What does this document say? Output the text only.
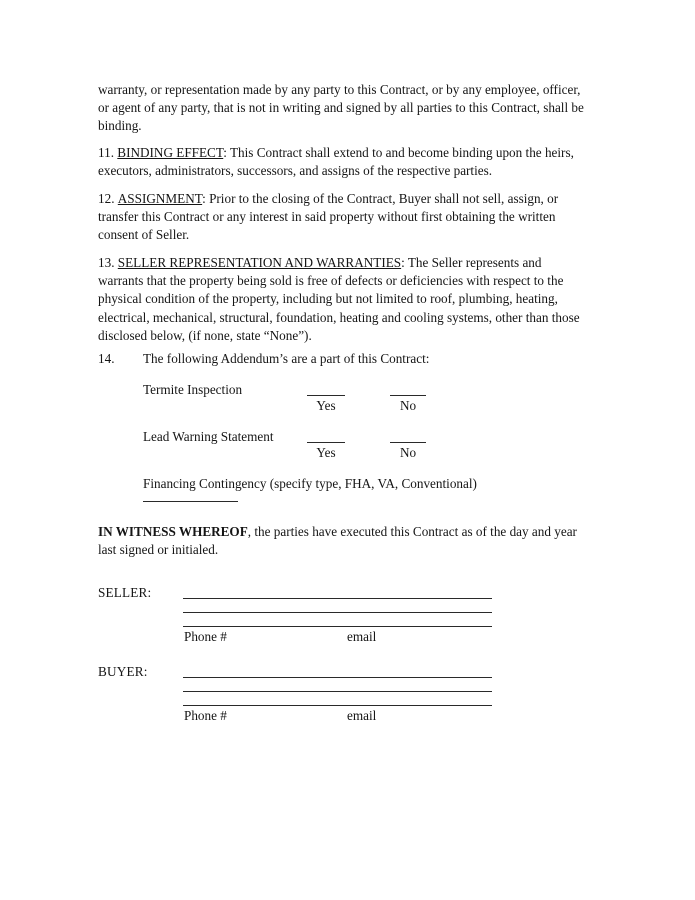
warranty, or representation made by any party to this Contract, or by any employee, officer, or agent of any party, that is not in writing and signed by all parties to this Contract, shall be binding.

11. BINDING EFFECT: This Contract shall extend to and become binding upon the heirs, executors, administrators, successors, and assigns of the respective parties.

12. ASSIGNMENT: Prior to the closing of the Contract, Buyer shall not sell, assign, or transfer this Contract or any interest in said property without first obtaining the written consent of Seller.

13. SELLER REPRESENTATION AND WARRANTIES: The Seller represents and warrants that the property being sold is free of defects or deficiencies with respect to the physical condition of the property, including but not limited to roof, plumbing, heating, electrical, mechanical, structural, foundation, heating and cooling systems, other than those disclosed below, (if none, state “None”).

14. The following Addendum’s are a part of this Contract:

Termite Inspection
Yes	No
Lead Warning Statement
Yes	No
Financing Contingency (specify type, FHA, VA, Conventional)

IN WITNESS WHEREOF, the parties have executed this Contract as of the day and year last signed or initialed.

SELLER:
Phone #	email
BUYER:
Phone #	email
